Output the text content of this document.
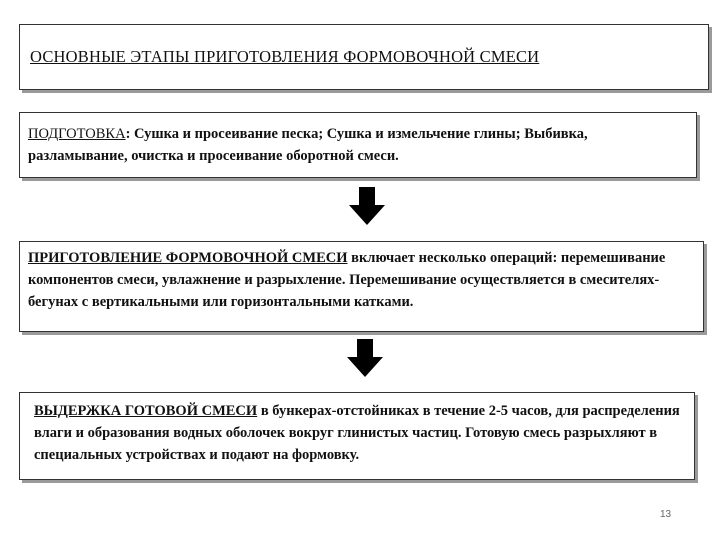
ОСНОВНЫЕ ЭТАПЫ ПРИГОТОВЛЕНИЯ ФОРМОВОЧНОЙ СМЕСИ
ПОДГОТОВКА: Сушка и просеивание песка; Сушка и измельчение глины; Выбивка, разламывание, очистка и просеивание оборотной смеси.
ПРИГОТОВЛЕНИЕ ФОРМОВОЧНОЙ СМЕСИ включает несколько операций: перемешивание компонентов смеси, увлажнение и разрыхление. Перемешивание осуществляется в смесителях-бегунах с вертикальными или горизонтальными катками.
ВЫДЕРЖКА ГОТОВОЙ СМЕСИ в бункерах-отстойниках в течение 2-5 часов, для распределения влаги и образования водных оболочек вокруг глинистых частиц. Готовую смесь разрыхляют в специальных устройствах и подают на формовку.
13
